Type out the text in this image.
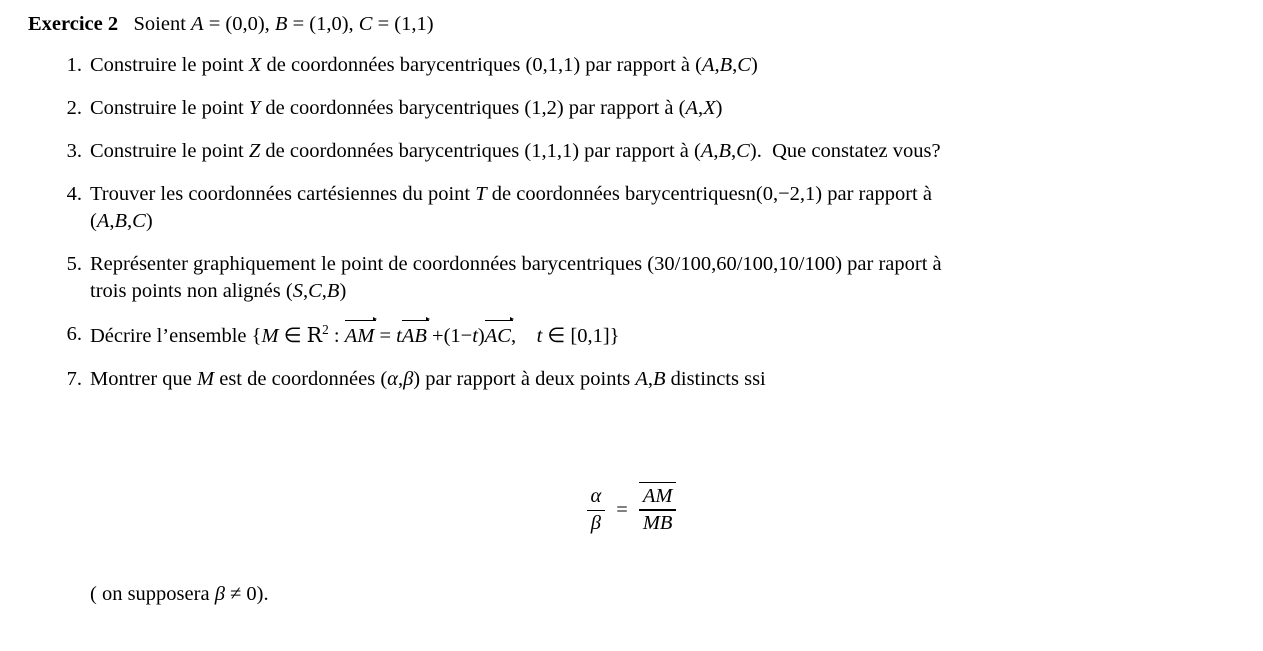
Exercice 2   Soient A = (0,0), B = (1,0), C = (1,1)
1. Construire le point X de coordonnées barycentriques (0,1,1) par rapport à (A,B,C)
2. Construire le point Y de coordonnées barycentriques (1,2) par rapport à (A,X)
3. Construire le point Z de coordonnées barycentriques (1,1,1) par rapport à (A,B,C).  Que constatez vous?
4. Trouver les coordonnées cartésiennes du point T de coordonnées barycentriquesn(0,−2,1) par rapport à
(A,B,C)
5. Représenter graphiquement le point de coordonnées barycentriques (30/100,60/100,10/100) par raport à
trois points non alignés (S,C,B)
6. Décrire l’ensemble {M ∈ $R^2$ : AM = tAB +(1−t)AC, t ∈ [0,1]}
7. Montrer que M est de coordonnées (α,β) par rapport à deux points A,B distincts ssi
$\frac{\alpha}{\beta} = \frac{AM}{MB}$
( on supposera β ≠ 0).
